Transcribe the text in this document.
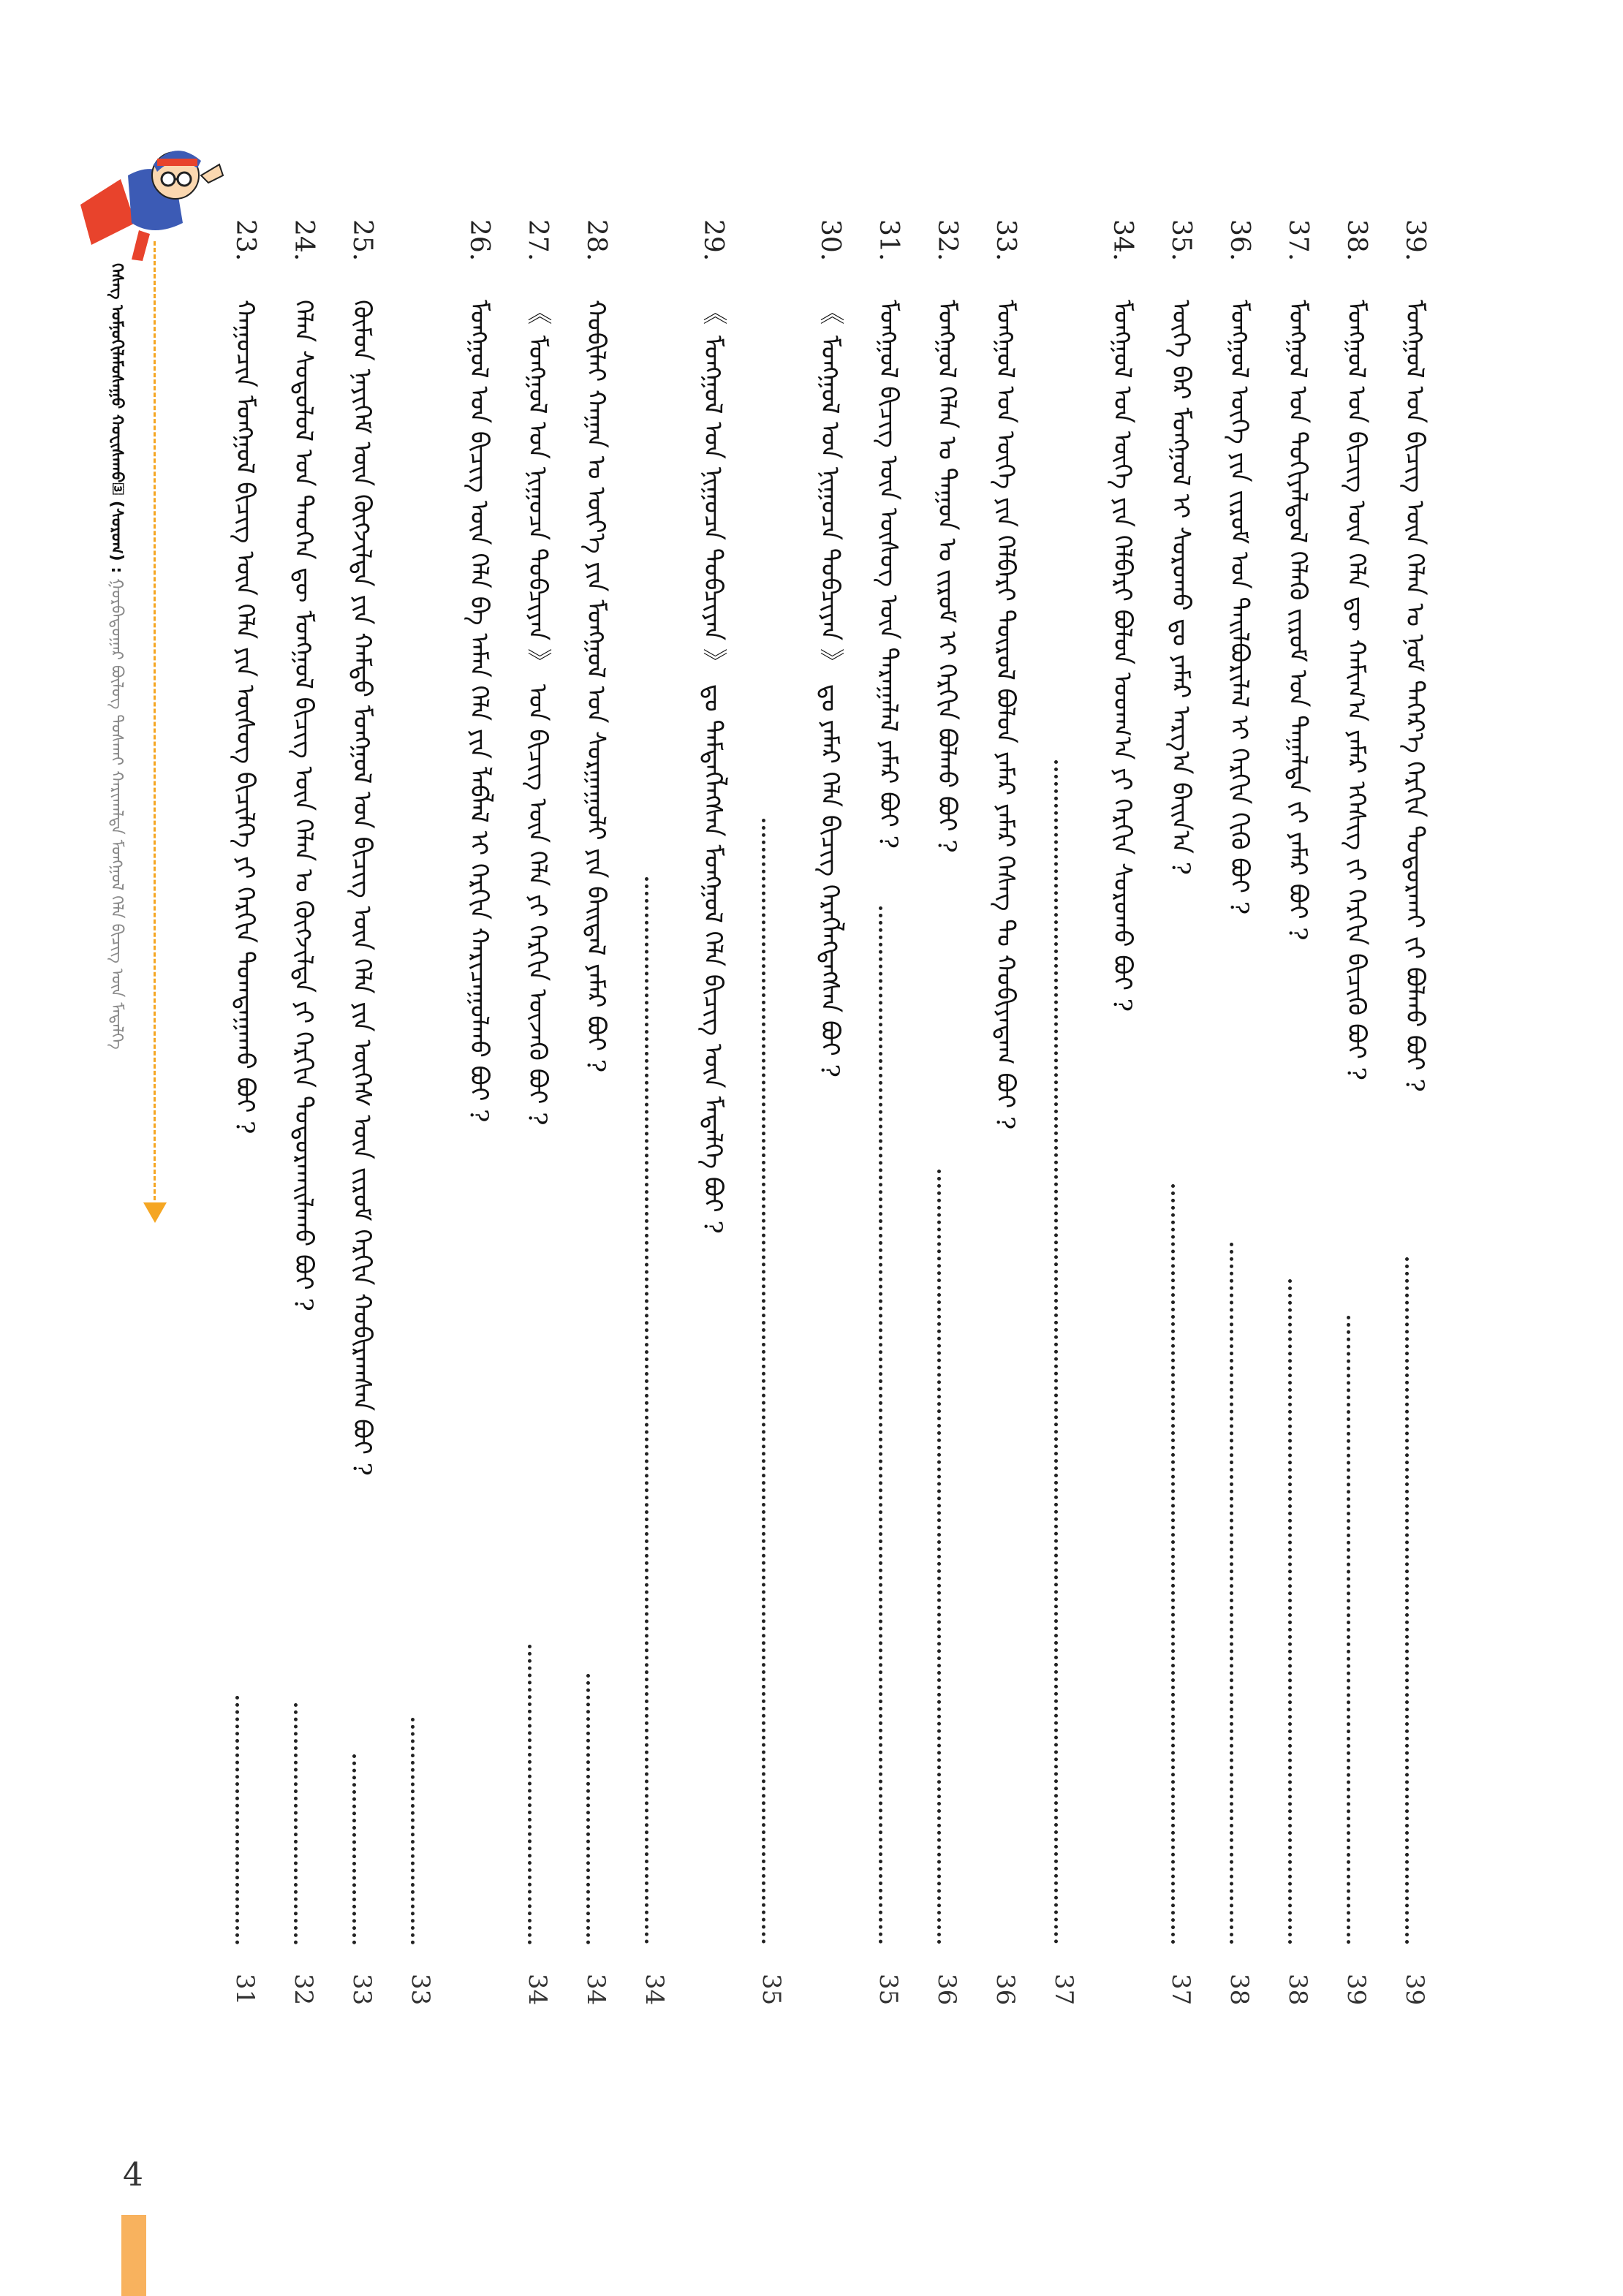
ᠬᠡᠰᠡᠭ ᠤᠮᠨᠤᠬᠢᠯᠠᠮᠤᠰᠠᠭᠤ ᠬᠤᠸᠢᠰᠠᠭ᠍ᠤ᠍ (ᠰᠤᠷᠤᠬ) : ᠭᠤᠷᠪᠠᠳᠤᠭᠠᠷ ᠪᠦᠯᠦᠭ ᠲᠤᠰᠬᠠᠢ ᠬᠠᠷᠢᠬᠠᠯᠲᠠ ᠮᠣᠩᠭᠣᠯ ᠬᠡᠯᠡ ᠪᠢᠴᠢᠭ᠌ ᠦᠨ ᠮᠡᠳᠡᠯᠭᠡ
39.
ᠮᠣᠩᠭᠣᠯ ᠤᠨ ᠪᠢᠴᠢᠭ ᠦᠨ ᠬᠡᠯᠡᠨ ᠤ ᠨᠣᠮ ᠳᠡᠭᠡᠷ᠎ᠡ ᠬᠡᠷᠬᠢᠨ ᠳᠤᠳᠤᠷᠬᠠᠢ ᠵᠢ ᠪᠣᠯᠬᠤ ᠪᠤᠢ ?
39
38.
ᠮᠣᠩᠭᠣᠯ ᠤᠨ ᠪᠢᠴᠢᠭ ᠦᠨ ᠬᠡᠯᠡ ᠳᠦ ᠬᠠᠮᠢᠭ᠎ᠠ ᠶᠠᠮᠠᠷ ᠡᠭᠡᠰᠢᠭ ᠵᠢ ᠬᠡᠷᠬᠢᠨ ᠪᠢᠴᠢᠬᠦ ᠪᠤᠢ ?
39
37.
ᠮᠣᠩᠭᠣᠯ ᠤᠨ ᠲᠣᠬᠢᠶᠠᠯᠳᠤᠯ ᠬᠡᠯᠡᠬᠦ ᠵᠢᠷᠤᠮ ᠤᠨ ᠳᠠᠭᠠᠯᠳᠠ ᠵᠢ ᠶᠠᠮᠠᠷ ᠪᠤᠢ ?
38
36.
ᠮᠣᠩᠭᠣᠯ ᠦᠭᠡ ᠶᠢᠨ ᠵᠢᠷᠤᠮ ᠤᠨ ᠲᠠᠢᠯᠪᠤᠷᠢᠯᠠᠯ ᠢ ᠬᠡᠷᠬᠢᠨ ᠬᠢᠬᠦ ᠪᠤᠢ ?
38
35.
ᠦᠭᠡ ᠪᠡᠷ ᠮᠣᠩᠭᠣᠯ ᠢ ᠰᠤᠷᠤᠬᠤ ᠳᠤ ᠶᠠᠮᠠᠷ ᠠᠷᠭ᠎ᠠ ᠪᠠᠢᠨ᠎ᠠ ?
37
34.
ᠮᠣᠩᠭᠣᠯ ᠤᠨ ᠦᠭᠡ ᠶᠢᠨ ᠬᠡᠯᠪᠡᠷᠢ ᠪᠣᠯᠤᠨ ᠤᠳᠬ᠎ᠠ ᠶᠢ ᠬᠡᠷᠬᠢᠨ ᠰᠤᠷᠤᠬᠤ ᠪᠤᠢ ?
37
33.
ᠮᠣᠩᠭᠣᠯ ᠤᠨ ᠦᠭᠡ ᠶᠢᠨ ᠬᠡᠯᠪᠡᠷᠢ ᠲᠦᠷᠦᠯ ᠪᠣᠯᠤᠨ ᠶᠠᠮᠠᠷ ᠶᠠᠮᠠᠷ ᠬᠡᠰᠡᠭ ᠲᠤ ᠬᠤᠪᠢᠶᠠᠳᠠᠭ ᠪᠤᠢ ?
36
32.
ᠮᠣᠩᠭᠣᠯ ᠬᠡᠯᠡᠨ ᠤ ᠳᠠᠭᠤᠨ ᠤ ᠵᠢᠷᠤᠮ ᠢ ᠬᠡᠷᠬᠢᠨ ᠪᠣᠯᠬᠤ ᠪᠤᠢ ?
36
31.
ᠮᠣᠩᠭᠣᠯ ᠪᠢᠴᠢᠭ ᠦᠨ ᠦᠰᠦᠭ ᠦᠨ ᠳᠠᠷᠠᠭᠠᠯᠠᠯ ᠶᠠᠮᠠᠷ ᠪᠤᠢ ?
35
30.
《 ᠮᠣᠩᠭᠣᠯ ᠤᠨ ᠨᠢᠭᠤᠴᠠ ᠲᠣᠪᠴᠢᠶᠠᠨ 》 ᠳᠤ ᠶᠠᠮᠠᠷ ᠬᠡᠯᠡ ᠪᠢᠴᠢᠭ ᠬᠡᠷᠡᠭᠯᠡᠭᠳᠡᠭᠰᠡᠨ ᠪᠤᠢ ?
35
29.
《 ᠮᠣᠩᠭᠣᠯ ᠤᠨ ᠨᠢᠭᠤᠴᠠ ᠲᠣᠪᠴᠢᠶᠠᠨ 》 ᠳᠤ ᠲᠡᠮᠳᠡᠭᠯᠡᠭᠰᠡᠨ ᠮᠣᠩᠭᠣᠯ ᠬᠡᠯᠡ ᠪᠢᠴᠢᠭ ᠦᠨ ᠮᠡᠳᠡᠯᠭᠡ ᠪᠤᠢ ?
34
28.
ᠬᠤᠪᠢᠯᠠᠢ ᠬᠠᠭᠠᠨ ᠤ ᠦᠶ᠎ᠡ ᠶᠢᠨ ᠮᠣᠩᠭᠣᠯ ᠤᠨ ᠰᠤᠷᠭᠠᠭᠤᠯᠢ ᠶᠢᠨ ᠪᠠᠢᠳᠠᠯ ᠶᠠᠮᠠᠷ ᠪᠤᠢ ?
34
27.
《 ᠮᠣᠩᠭᠣᠯ ᠤᠨ ᠨᠢᠭᠤᠴᠠ ᠲᠣᠪᠴᠢᠶᠠᠨ 》 ᠤᠨ ᠪᠢᠴᠢᠭ ᠦᠨ ᠬᠡᠯᠡ ᠶᠢ ᠬᠡᠷᠬᠢᠨ ᠦᠵᠡᠬᠦ ᠪᠤᠢ ?
34
26.
ᠮᠣᠩᠭᠣᠯ ᠤᠨ ᠪᠢᠴᠢᠭ ᠦᠨ ᠬᠡᠯᠡ ᠪᠡ ᠠᠮᠠᠨ ᠬᠡᠯᠡ ᠶᠢᠨ ᠯᠠᠪᠯᠠᠯ ᠢ ᠬᠡᠷᠬᠢᠨ ᠬᠠᠷᠢᠴᠠᠭᠤᠯᠬᠤ ᠪᠤᠢ ?
33
25.
ᠬᠦᠮᠦᠨ ᠨᠡᠶᠢᠭᠡᠮ ᠦᠨ ᠬᠦᠭᠵᠢᠯᠲᠡ ᠶᠢᠨ ᠬᠠᠮᠲᠤ ᠮᠣᠩᠭᠣᠯ ᠤᠨ ᠪᠢᠴᠢᠭ ᠦᠨ ᠬᠡᠯᠡ ᠶᠢᠨ ᠦᠭᠡᠰ ᠦᠨ ᠵᠢᠷᠤᠮ ᠬᠡᠷᠬᠢᠨ ᠬᠤᠪᠢᠷᠠᠭᠰᠠᠨ ᠪᠤᠢ ?
33
24.
ᠬᠡᠯᠡᠨ ᠰᠤᠳᠤᠯᠤᠯ ᠤᠨ ᠲᠡᠦᠬᠡᠨ ᠳᠦ ᠮᠣᠩᠭᠣᠯ ᠪᠢᠴᠢᠭ ᠦᠨ ᠬᠡᠯᠡᠨ ᠤ ᠬᠦᠭᠵᠢᠯᠲᠡ ᠶᠢ ᠬᠡᠷᠬᠢᠨ ᠲᠣᠳᠤᠷᠬᠠᠢᠯᠠᠬᠤ ᠪᠤᠢ ?
32
23.
ᠬᠠᠭᠤᠴᠢᠨ ᠮᠣᠩᠭᠣᠯ ᠪᠢᠴᠢᠭ ᠦᠨ ᠬᠡᠯᠡ ᠶᠢᠨ ᠦᠰᠦᠭ ᠪᠢᠴᠢᠯᠭᠡ ᠶᠢ ᠬᠡᠷᠬᠢᠨ ᠲᠣᠭᠲᠠᠭᠠᠬᠤ ᠪᠤᠢ ?
31
4
